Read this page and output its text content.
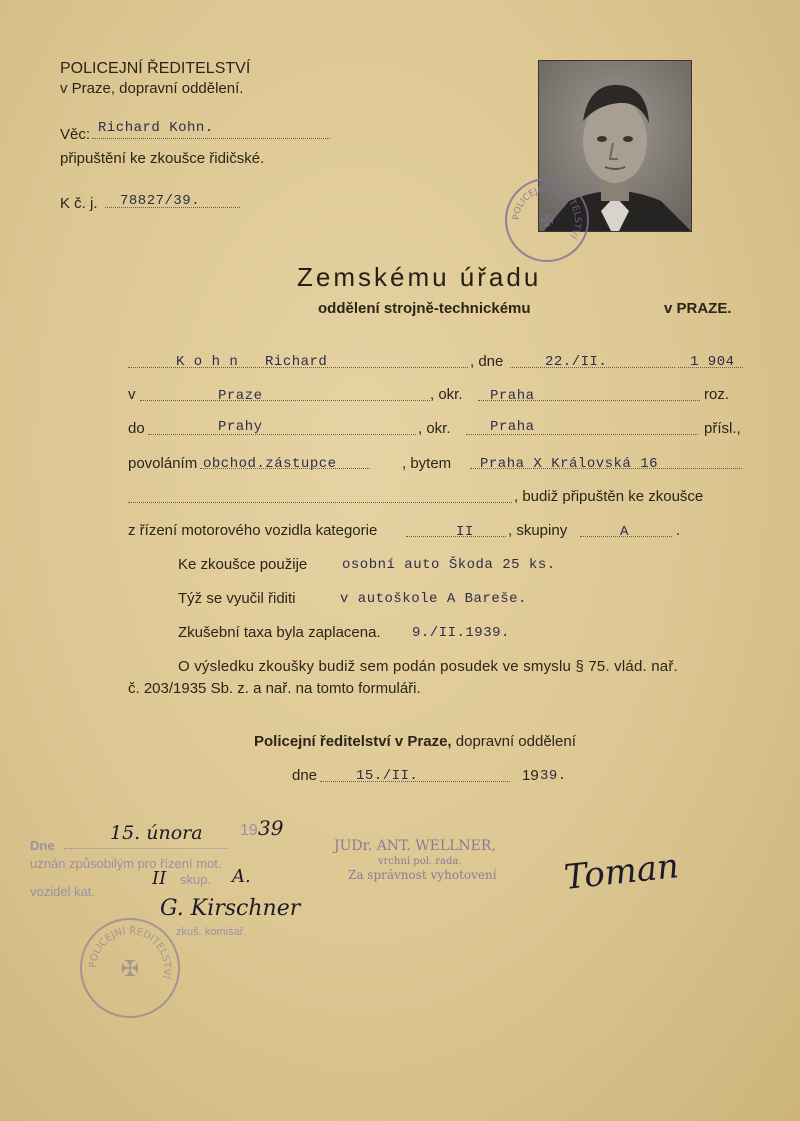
POLICEJNÍ ŘEDITELSTVÍ
v Praze, dopravní oddělení.
Věc: Richard Kohn.
připuštění ke zkoušce řidičské.
K č. j. 78827/39.
POLICEJNÍ ŘEDITELSTVÍ
✠
Zemskému úřadu
oddělení strojně-technickému	v PRAZE.
K o h n   Richard	, dne	22./II.	1 904
v	Praze	, okr. Praha	roz.
do	Prahy	, okr.	Praha	přísl.,
povoláním obchod.zástupce	, bytem Praha X Královská 16
, budiž připuštěn ke zkoušce
z řízení motorového vozidla kategorie	II , skupiny	A	.
Ke zkoušce použije osobní auto Škoda 25 ks.
Týž se vyučil řiditi	v autoškole A Bareše.
Zkušební taxa byla zaplacena. 9./II.1939.
O výsledku zkoušky budiž sem podán posudek ve smyslu § 75. vlád. nař.
č. 203/1935 Sb. z. a nař. na tomto formuláři.
Policejní ředitelství v Praze, dopravní oddělení
dne	15./II.	19 39.
Dne
15. února 19 39
uznán způsobilým pro řízení mot.
vozidel kat.
II skup. A.
G. Kirschner
zkuš. komisař.
POLICEJNÍ ŘEDITELSTVÍ
✠
JUDr. ANT. WELLNER,
vrchní pol. rada.
Za správnost vyhotovení Toman
